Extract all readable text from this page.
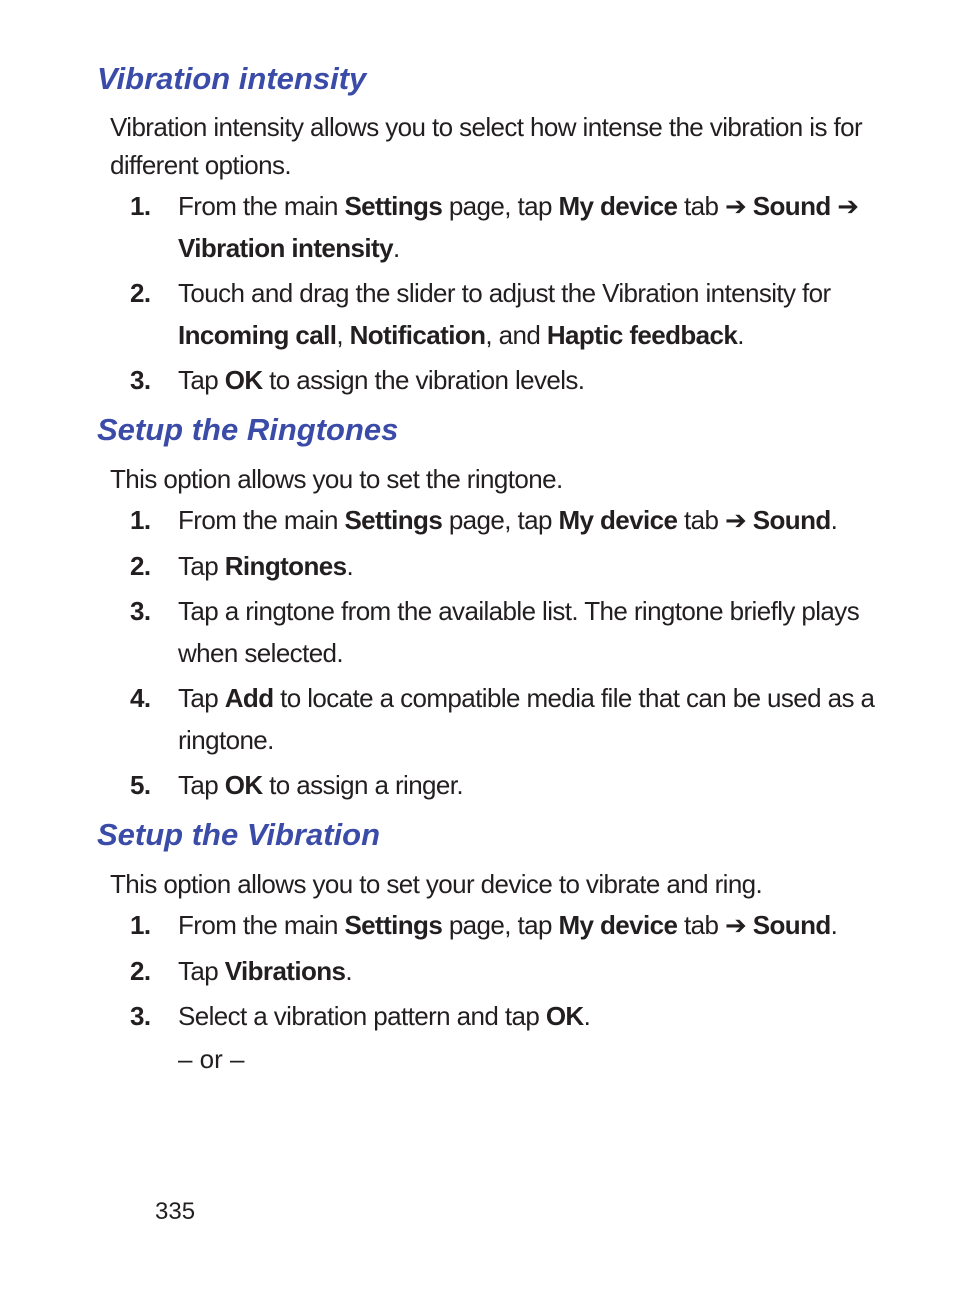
Vibration intensity

Vibration intensity allows you to select how intense the vibration is for different options.

1. From the main Settings page, tap My device tab ➔ Sound ➔ Vibration intensity.
2. Touch and drag the slider to adjust the Vibration intensity for Incoming call, Notification, and Haptic feedback.
3. Tap OK to assign the vibration levels.
Setup the Ringtones

This option allows you to set the ringtone.

1. From the main Settings page, tap My device tab ➔ Sound.
2. Tap Ringtones.
3. Tap a ringtone from the available list. The ringtone briefly plays when selected.
4. Tap Add to locate a compatible media file that can be used as a ringtone.
5. Tap OK to assign a ringer.
Setup the Vibration

This option allows you to set your device to vibrate and ring.

1. From the main Settings page, tap My device tab ➔ Sound.
2. Tap Vibrations.
3. Select a vibration pattern and tap OK.

– or –

335
